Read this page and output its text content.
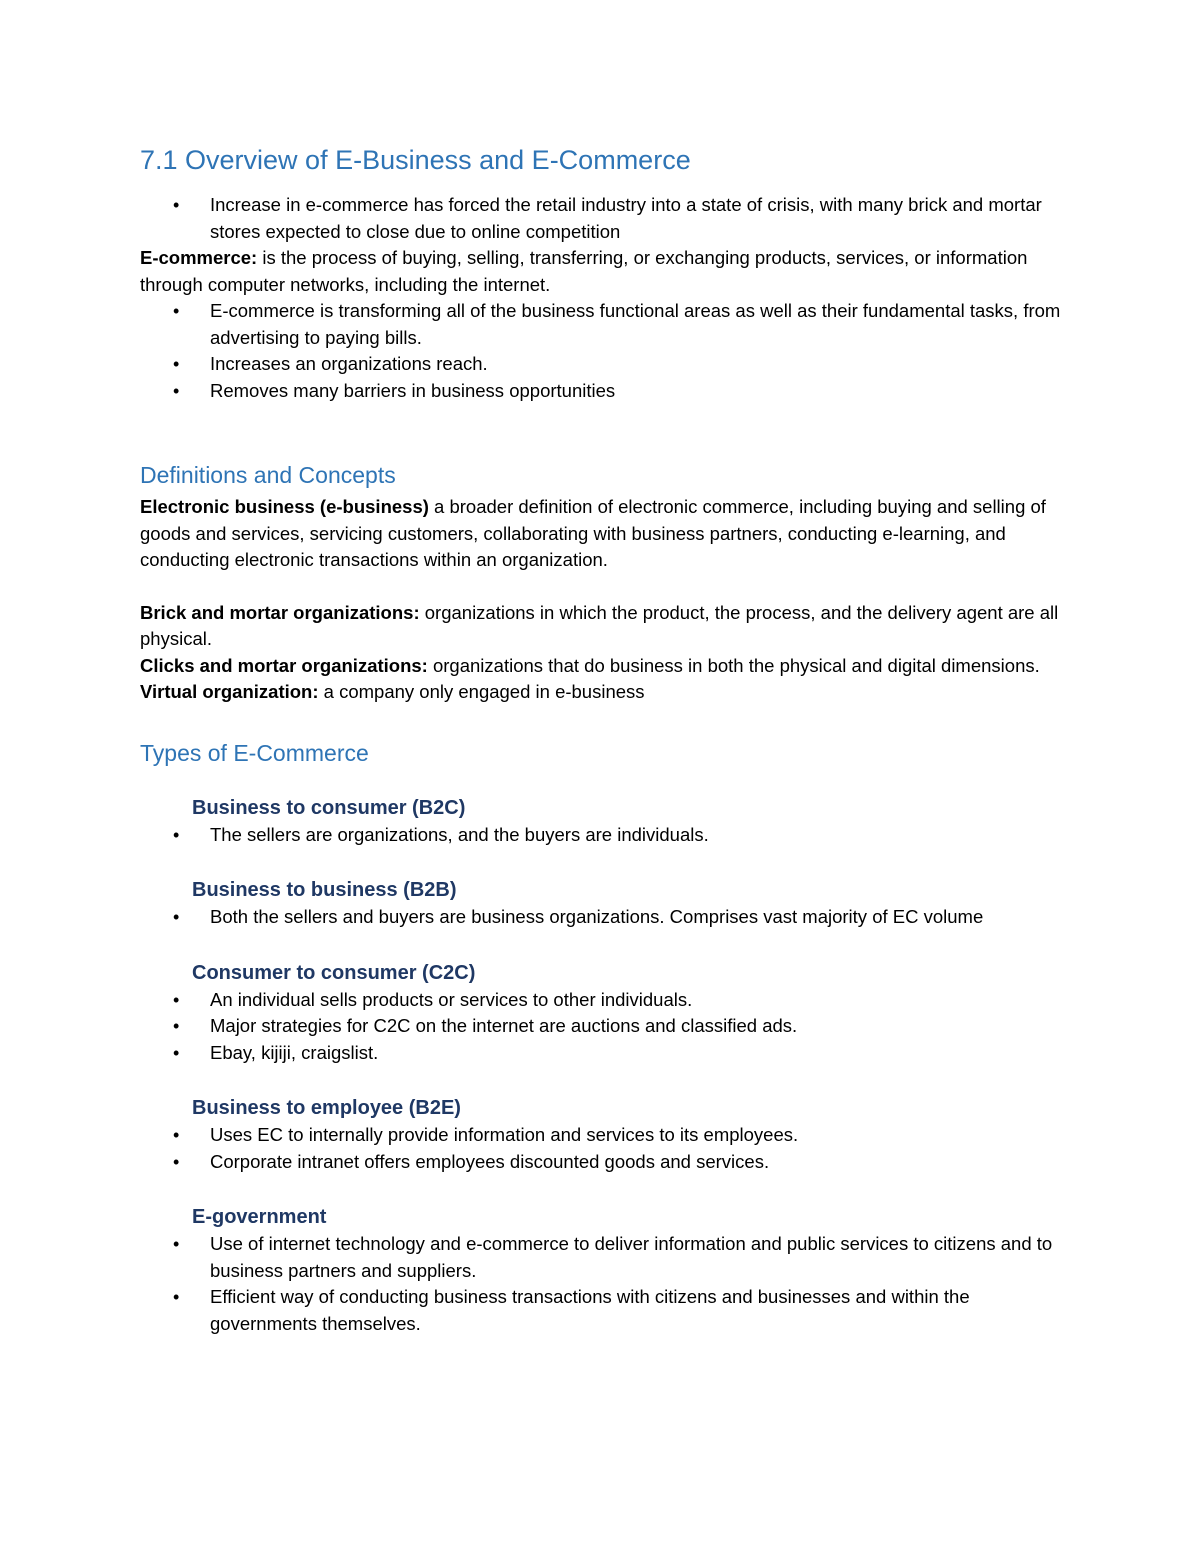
7.1 Overview of E-Business and E-Commerce
• Increase in e-commerce has forced the retail industry into a state of crisis, with many brick and mortar stores expected to close due to online competition

E-commerce: is the process of buying, selling, transferring, or exchanging products, services, or information through computer networks, including the internet.

• E-commerce is transforming all of the business functional areas as well as their fundamental tasks, from advertising to paying bills.
• Increases an organizations reach.
• Removes many barriers in business opportunities
Definitions and Concepts

Electronic business (e-business) a broader definition of electronic commerce, including buying and selling of goods and services, servicing customers, collaborating with business partners, conducting e-learning, and conducting electronic transactions within an organization.

Brick and mortar organizations: organizations in which the product, the process, and the delivery agent are all physical.

Clicks and mortar organizations: organizations that do business in both the physical and digital dimensions.

Virtual organization: a company only engaged in e-business

Types of E-Commerce
Business to consumer (B2C)
• The sellers are organizations, and the buyers are individuals.
Business to business (B2B)
• Both the sellers and buyers are business organizations. Comprises vast majority of EC volume
Consumer to consumer (C2C)
• An individual sells products or services to other individuals.
• Major strategies for C2C on the internet are auctions and classified ads.
• Ebay, kijiji, craigslist.
Business to employee (B2E)
• Uses EC to internally provide information and services to its employees.
• Corporate intranet offers employees discounted goods and services.
E-government
• Use of internet technology and e-commerce to deliver information and public services to citizens and to business partners and suppliers.
• Efficient way of conducting business transactions with citizens and businesses and within the governments themselves.
